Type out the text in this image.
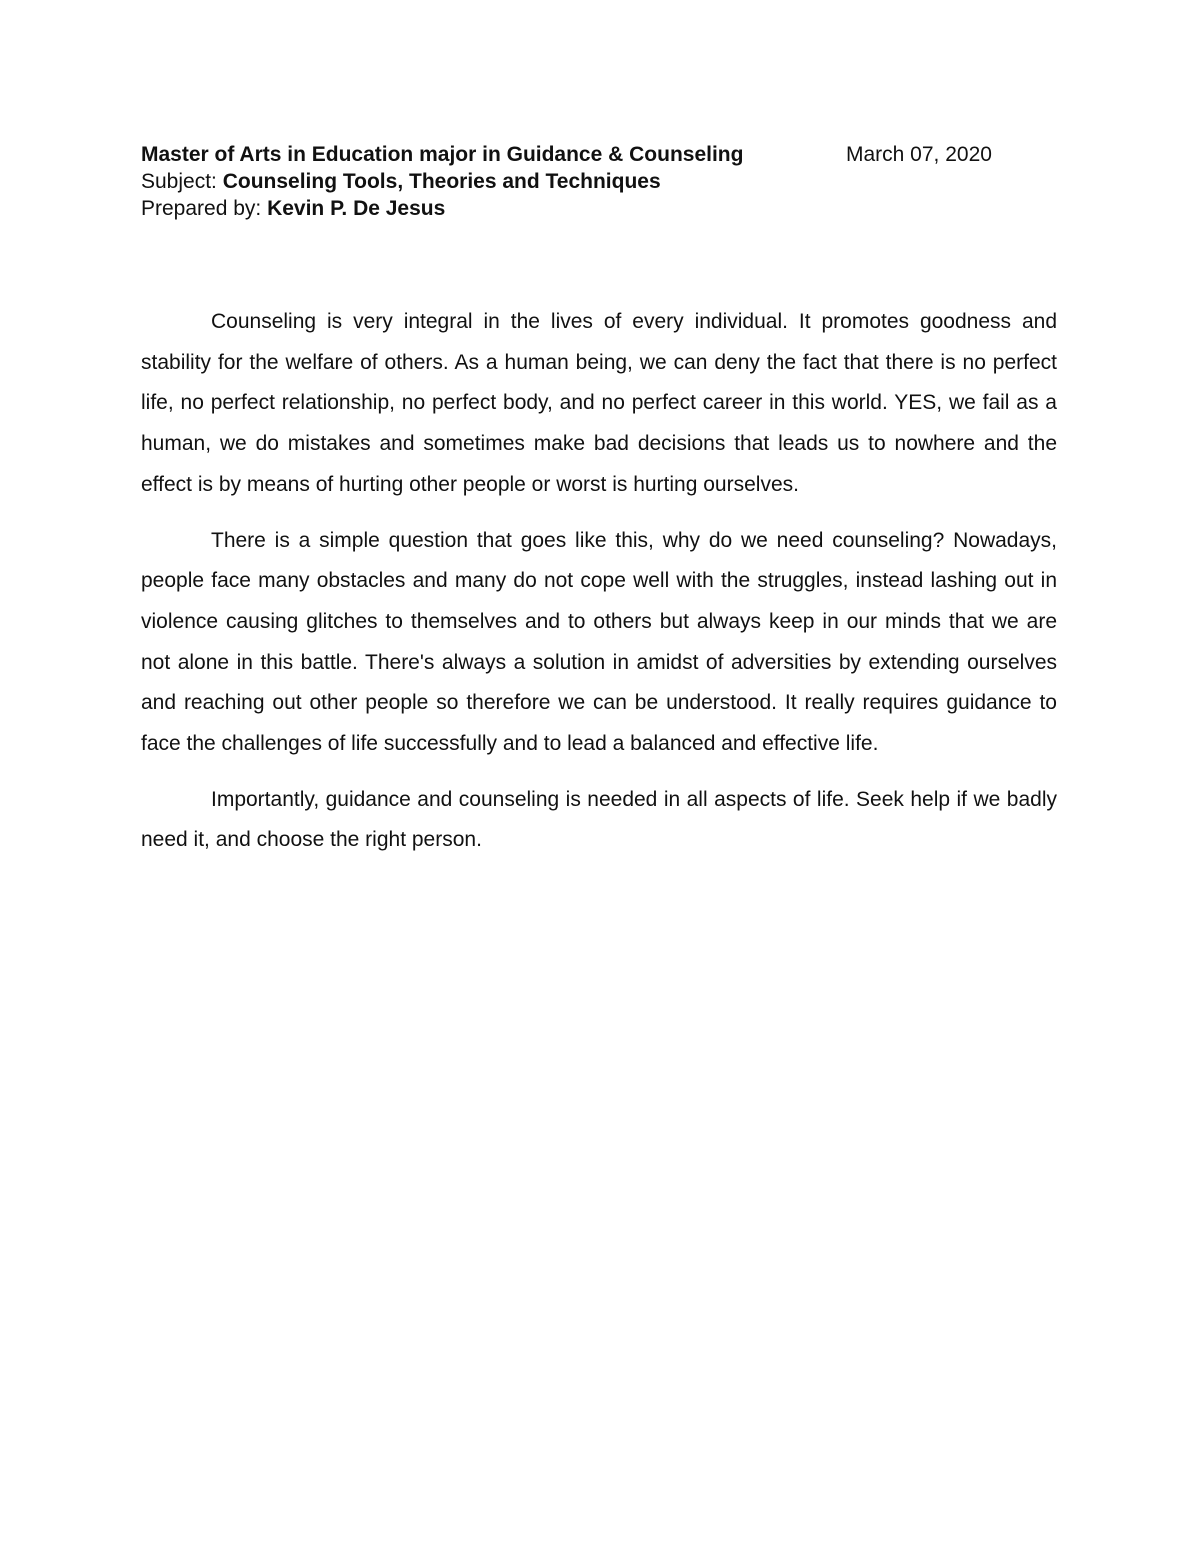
Master of Arts in Education major in Guidance & Counseling	March 07, 2020
Subject: Counseling Tools, Theories and Techniques
Prepared by: Kevin P. De Jesus

Counseling is very integral in the lives of every individual. It promotes goodness and stability for the welfare of others. As a human being, we can deny the fact that there is no perfect life, no perfect relationship, no perfect body, and no perfect career in this world. YES, we fail as a human, we do mistakes and sometimes make bad decisions that leads us to nowhere and the effect is by means of hurting other people or worst is hurting ourselves.

There is a simple question that goes like this, why do we need counseling? Nowadays, people face many obstacles and many do not cope well with the struggles, instead lashing out in violence causing glitches to themselves and to others but always keep in our minds that we are not alone in this battle. There's always a solution in amidst of adversities by extending ourselves and reaching out other people so therefore we can be understood. It really requires guidance to face the challenges of life successfully and to lead a balanced and effective life.

Importantly, guidance and counseling is needed in all aspects of life. Seek help if we badly need it, and choose the right person.
